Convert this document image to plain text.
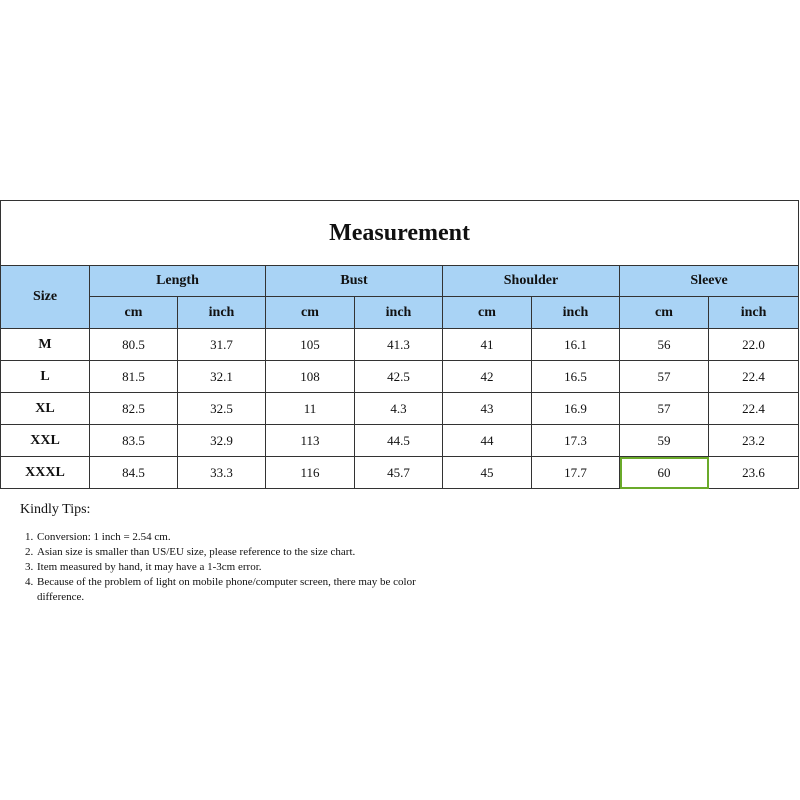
Measurement								
Size	Length		Bust		Shoulder		Sleeve	
	cm	inch	cm	inch	cm	inch	cm	inch
M	80.5	31.7	105	41.3	41	16.1	56	22.0
L	81.5	32.1	108	42.5	42	16.5	57	22.4
XL	82.5	32.5	11	4.3	43	16.9	57	22.4
XXL	83.5	32.9	113	44.5	44	17.3	59	23.2
XXXL	84.5	33.3	116	45.7	45	17.7	60	23.6

Kindly Tips:

1. Conversion: 1 inch = 2.54 cm.
2. Asian size is smaller than US/EU size, please reference to the size chart.
3. Item measured by hand, it may have a 1-3cm error.
4. Because of the problem of light on mobile phone/computer screen, there may be color difference.
